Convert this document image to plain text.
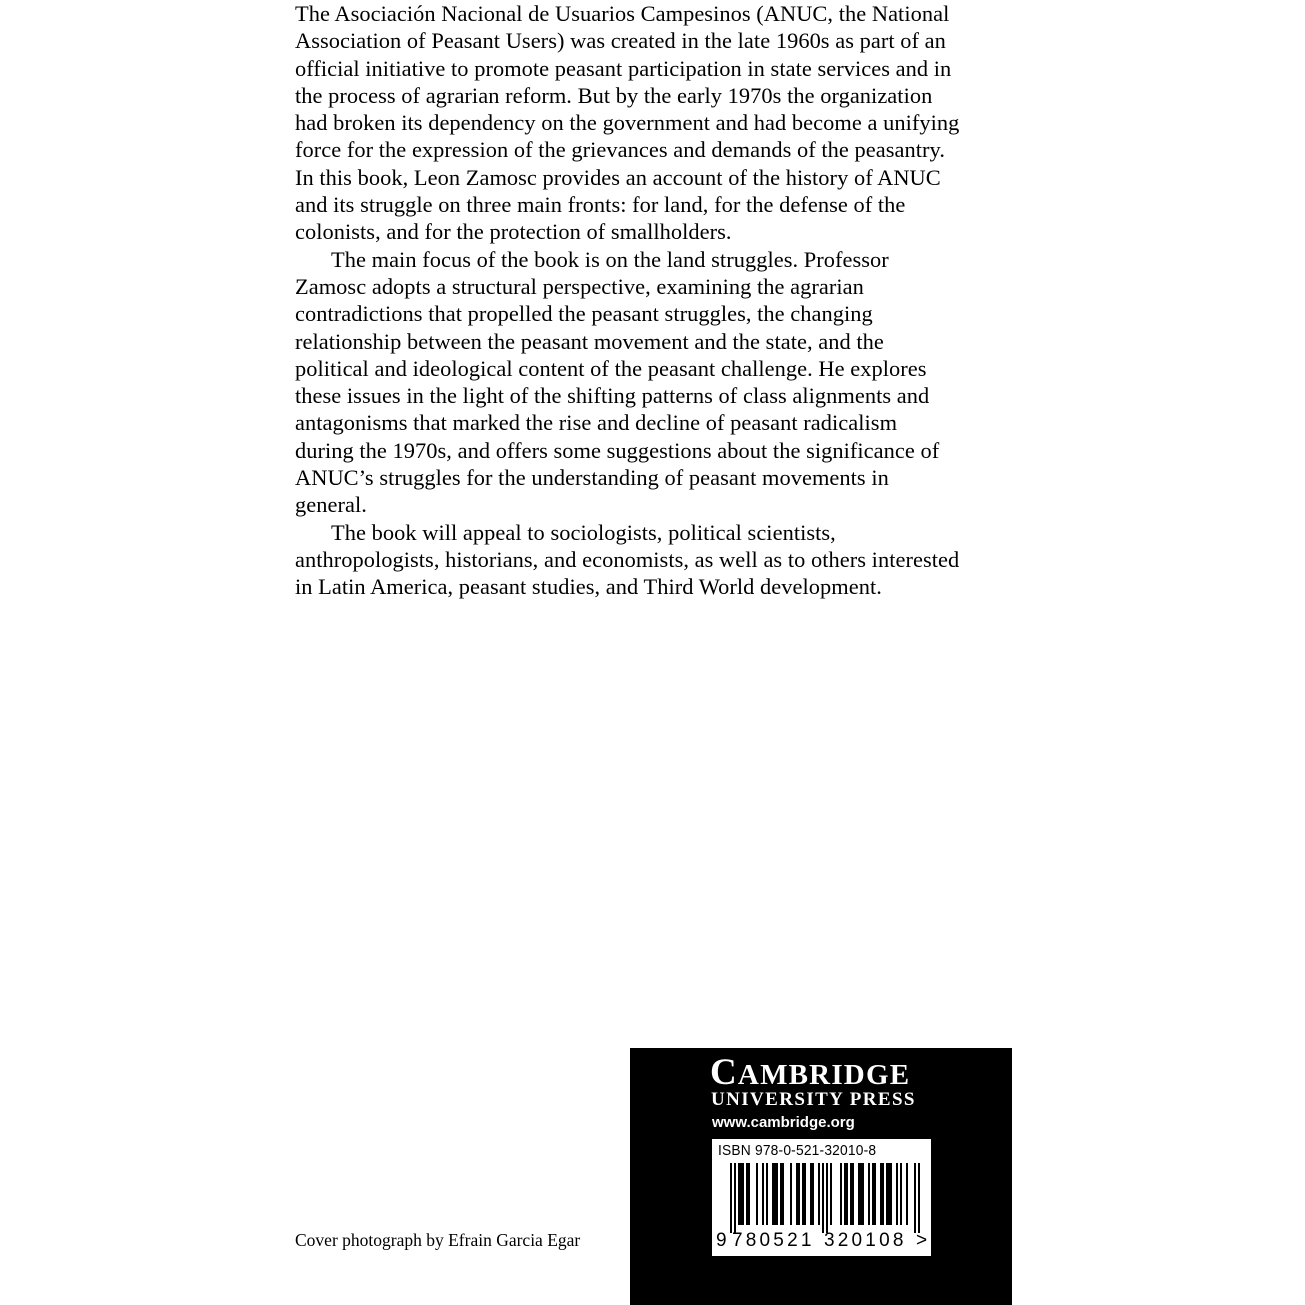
The Asociación Nacional de Usuarios Campesinos (ANUC, the National Association of Peasant Users) was created in the late 1960s as part of an official initiative to promote peasant participation in state services and in the process of agrarian reform. But by the early 1970s the organization had broken its dependency on the government and had become a unifying force for the expression of the grievances and demands of the peasantry. In this book, Leon Zamosc provides an account of the history of ANUC and its struggle on three main fronts: for land, for the defense of the colonists, and for the protection of smallholders.

The main focus of the book is on the land struggles. Professor Zamosc adopts a structural perspective, examining the agrarian contradictions that propelled the peasant struggles, the changing relationship between the peasant movement and the state, and the political and ideological content of the peasant challenge. He explores these issues in the light of the shifting patterns of class alignments and antagonisms that marked the rise and decline of peasant radicalism during the 1970s, and offers some suggestions about the significance of ANUC’s struggles for the understanding of peasant movements in general.

The book will appeal to sociologists, political scientists, anthropologists, historians, and economists, as well as to others interested in Latin America, peasant studies, and Third World development.

Cover photograph by Efrain Garcia Egar
CAMBRIDGE
UNIVERSITY PRESS
www.cambridge.org
ISBN 978-0-521-32010-8
9 780521 320108 >
